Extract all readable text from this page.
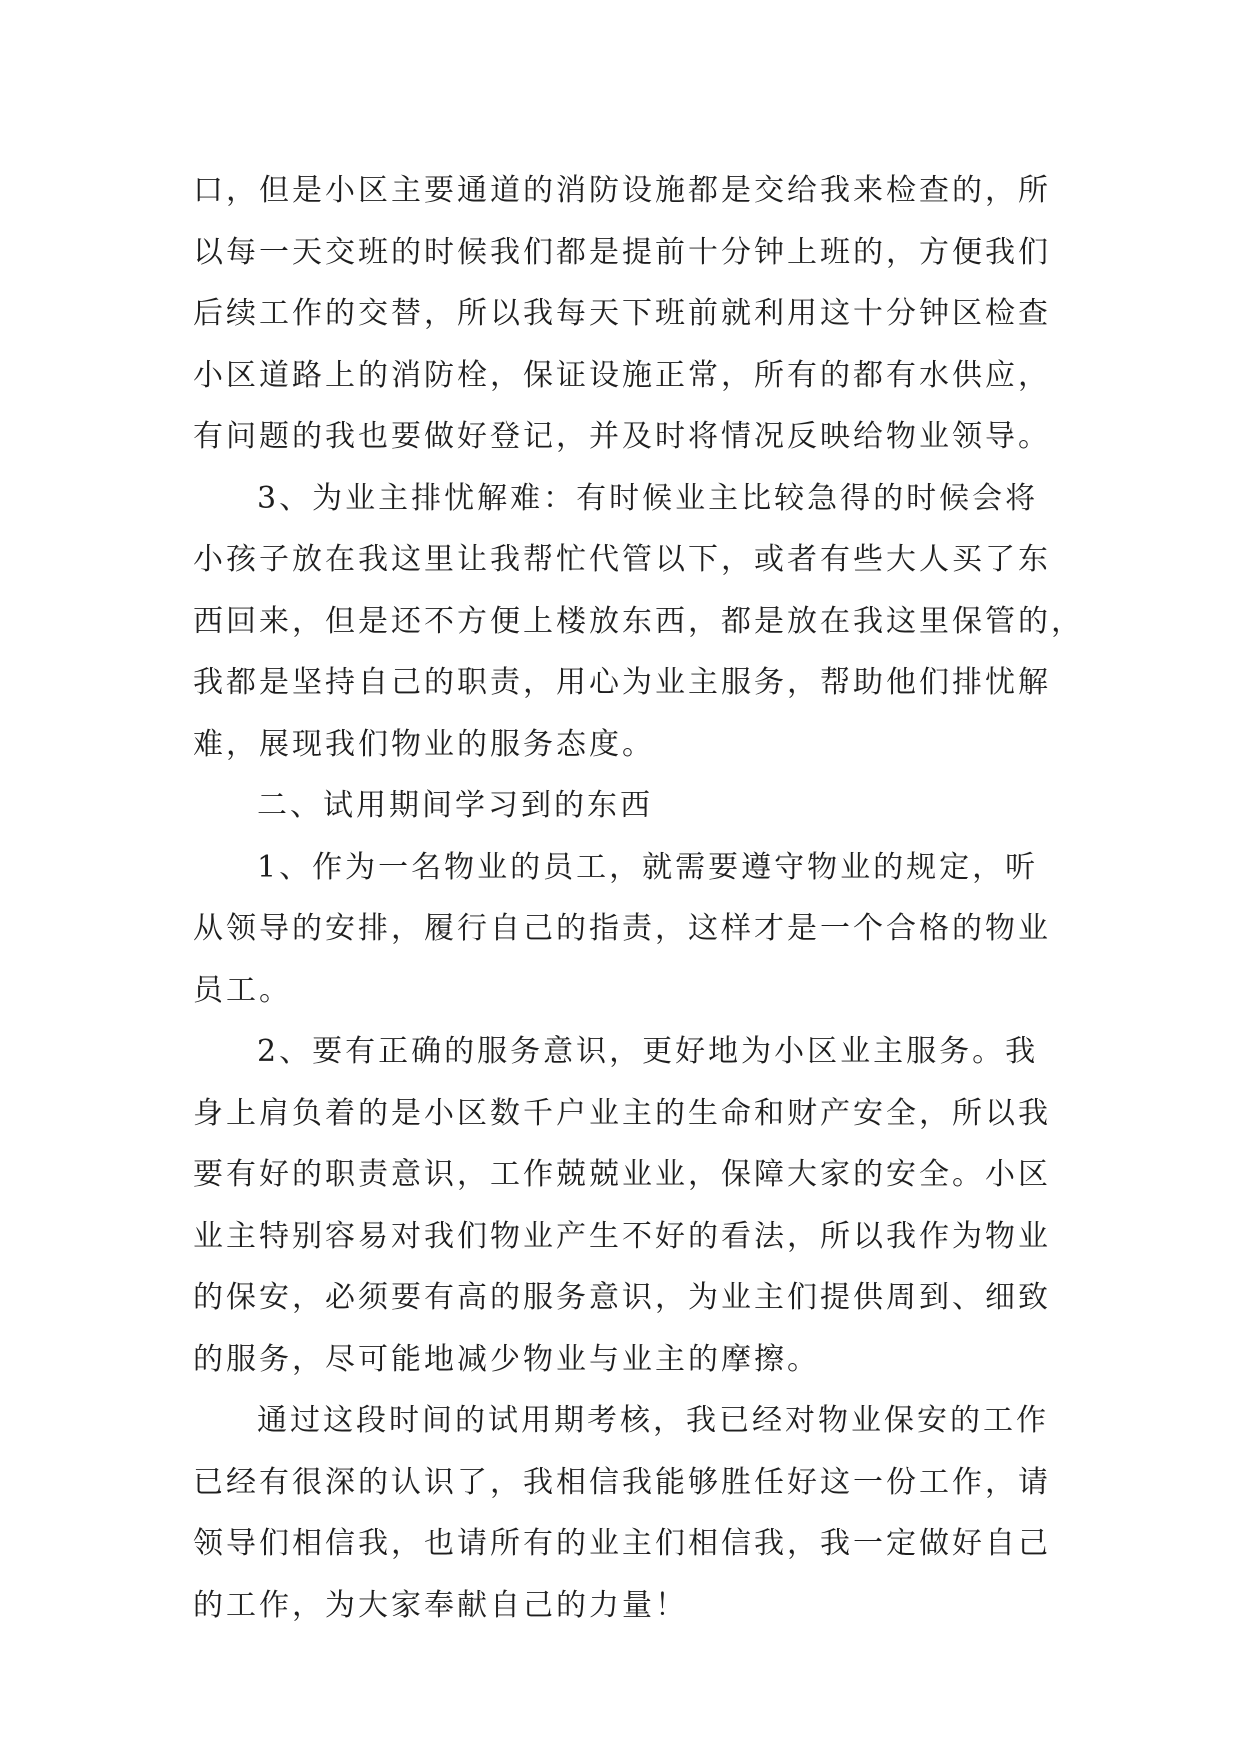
口，但是小区主要通道的消防设施都是交给我来检查的，所
以每一天交班的时候我们都是提前十分钟上班的，方便我们
后续工作的交替，所以我每天下班前就利用这十分钟区检查
小区道路上的消防栓，保证设施正常，所有的都有水供应，
有问题的我也要做好登记，并及时将情况反映给物业领导。
3、为业主排忧解难：有时候业主比较急得的时候会将
小孩子放在我这里让我帮忙代管以下，或者有些大人买了东
西回来，但是还不方便上楼放东西，都是放在我这里保管的，
我都是坚持自己的职责，用心为业主服务，帮助他们排忧解
难，展现我们物业的服务态度。
二、试用期间学习到的东西
1、作为一名物业的员工，就需要遵守物业的规定，听
从领导的安排，履行自己的指责，这样才是一个合格的物业
员工。
2、要有正确的服务意识，更好地为小区业主服务。我
身上肩负着的是小区数千户业主的生命和财产安全，所以我
要有好的职责意识，工作兢兢业业，保障大家的安全。小区
业主特别容易对我们物业产生不好的看法，所以我作为物业
的保安，必须要有高的服务意识，为业主们提供周到、细致
的服务，尽可能地减少物业与业主的摩擦。
通过这段时间的试用期考核，我已经对物业保安的工作
已经有很深的认识了，我相信我能够胜任好这一份工作，请
领导们相信我，也请所有的业主们相信我，我一定做好自己
的工作，为大家奉献自己的力量！
